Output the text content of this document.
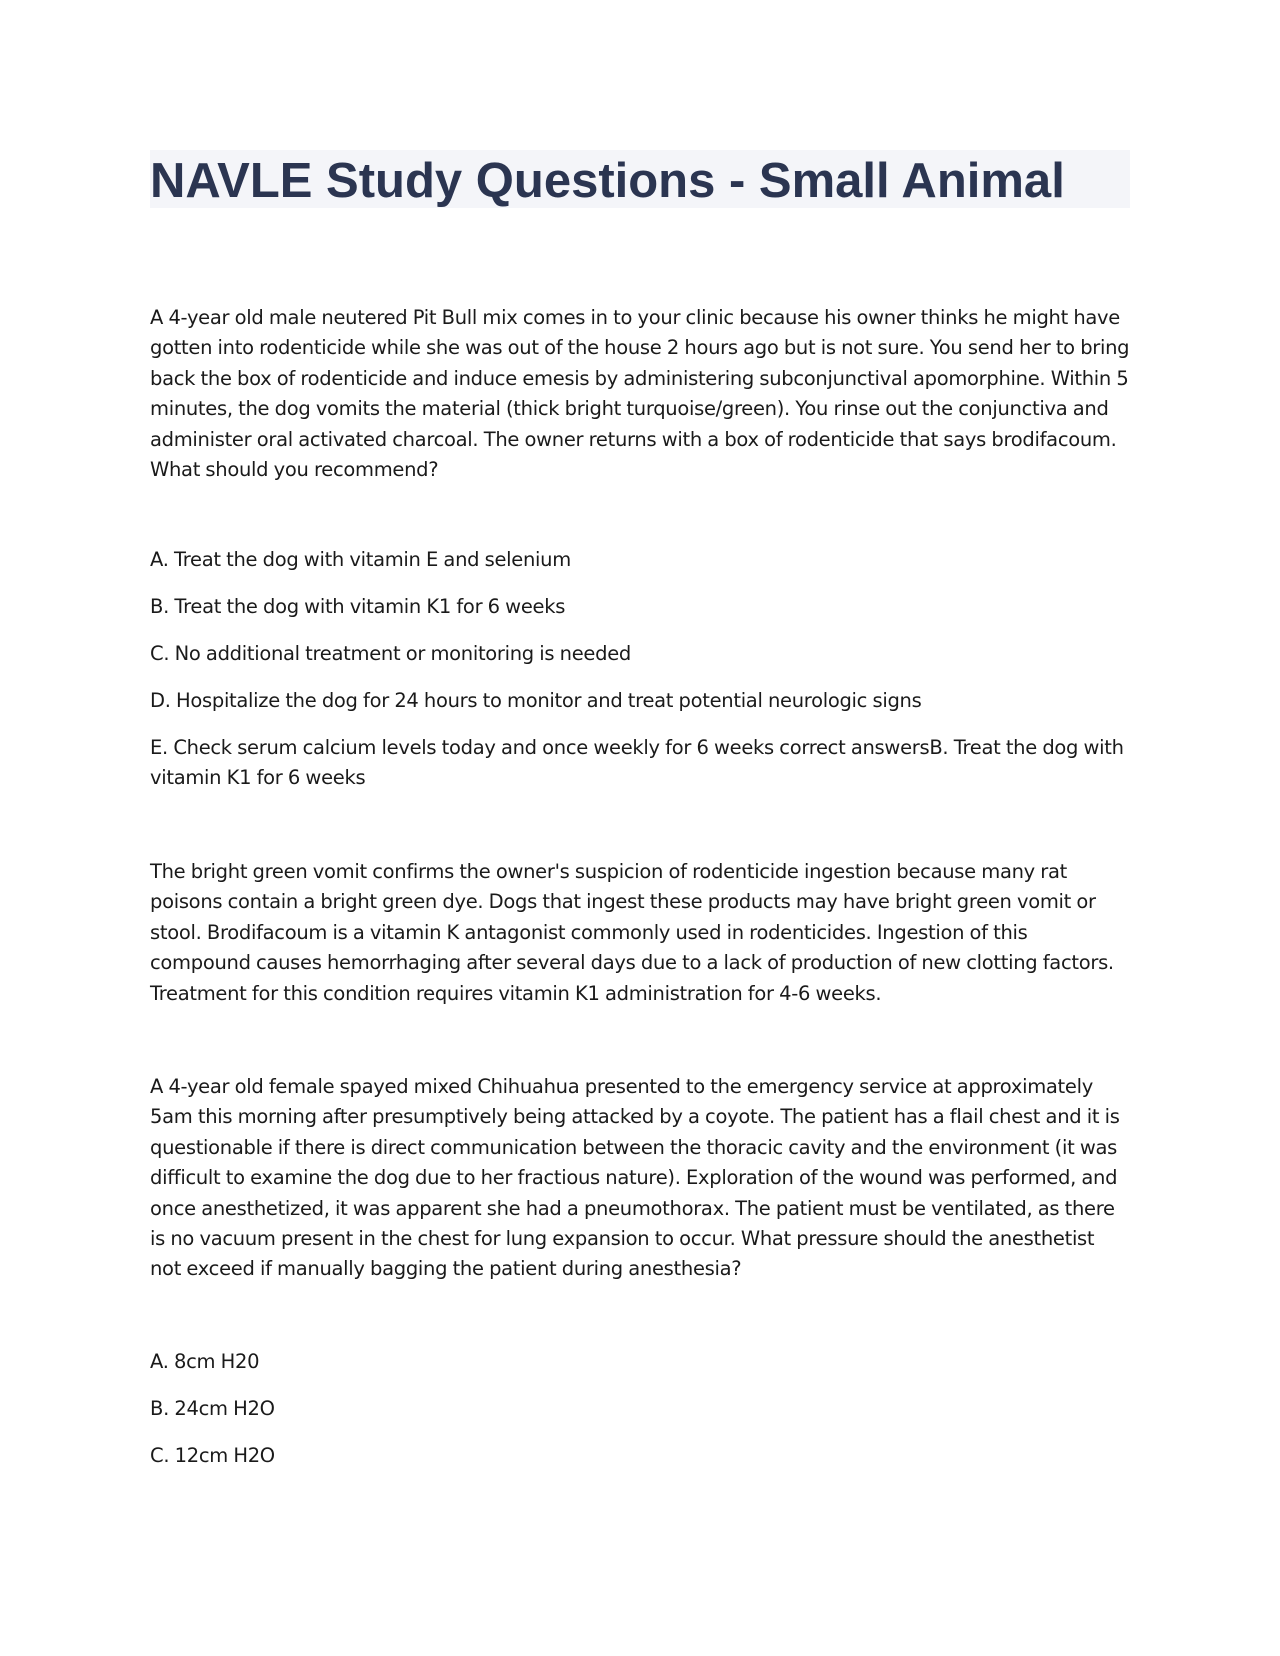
NAVLE Study Questions - Small Animal

A 4-year old male neutered Pit Bull mix comes in to your clinic because his owner thinks he might have gotten into rodenticide while she was out of the house 2 hours ago but is not sure. You send her to bring back the box of rodenticide and induce emesis by administering subconjunctival apomorphine. Within 5 minutes, the dog vomits the material (thick bright turquoise/green). You rinse out the conjunctiva and administer oral activated charcoal. The owner returns with a box of rodenticide that says brodifacoum. What should you recommend?

A. Treat the dog with vitamin E and selenium

B. Treat the dog with vitamin K1 for 6 weeks

C. No additional treatment or monitoring is needed

D. Hospitalize the dog for 24 hours to monitor and treat potential neurologic signs

E. Check serum calcium levels today and once weekly for 6 weeks correct answersB. Treat the dog with vitamin K1 for 6 weeks

The bright green vomit confirms the owner's suspicion of rodenticide ingestion because many rat poisons contain a bright green dye. Dogs that ingest these products may have bright green vomit or stool. Brodifacoum is a vitamin K antagonist commonly used in rodenticides. Ingestion of this compound causes hemorrhaging after several days due to a lack of production of new clotting factors. Treatment for this condition requires vitamin K1 administration for 4-6 weeks.

A 4-year old female spayed mixed Chihuahua presented to the emergency service at approximately 5am this morning after presumptively being attacked by a coyote. The patient has a flail chest and it is questionable if there is direct communication between the thoracic cavity and the environment (it was difficult to examine the dog due to her fractious nature). Exploration of the wound was performed, and once anesthetized, it was apparent she had a pneumothorax. The patient must be ventilated, as there is no vacuum present in the chest for lung expansion to occur. What pressure should the anesthetist not exceed if manually bagging the patient during anesthesia?

A. 8cm H20

B. 24cm H2O

C. 12cm H2O
